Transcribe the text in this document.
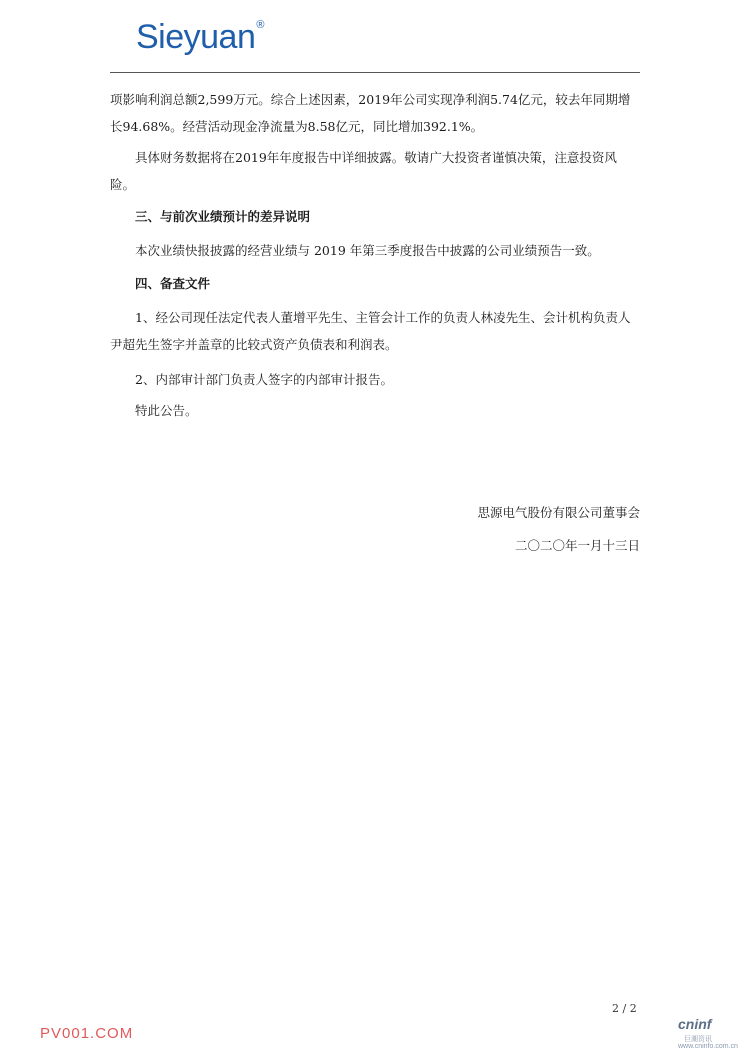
Sieyuan®

项影响利润总额2,599万元。综合上述因素，2019年公司实现净利润5.74亿元，较去年同期增长94.68%。经营活动现金净流量为8.58亿元，同比增加392.1%。

具体财务数据将在2019年年度报告中详细披露。敬请广大投资者谨慎决策，注意投资风险。

三、与前次业绩预计的差异说明

本次业绩快报披露的经营业绩与 2019 年第三季度报告中披露的公司业绩预告一致。

四、备查文件

1、经公司现任法定代表人董增平先生、主管会计工作的负责人林凌先生、会计机构负责人尹超先生签字并盖章的比较式资产负债表和利润表。

2、内部审计部门负责人签字的内部审计报告。

特此公告。

思源电气股份有限公司董事会
二〇二〇年一月十三日
2 / 2
PV001.COM
cninf
巨潮资讯
www.cninfo.com.cn
